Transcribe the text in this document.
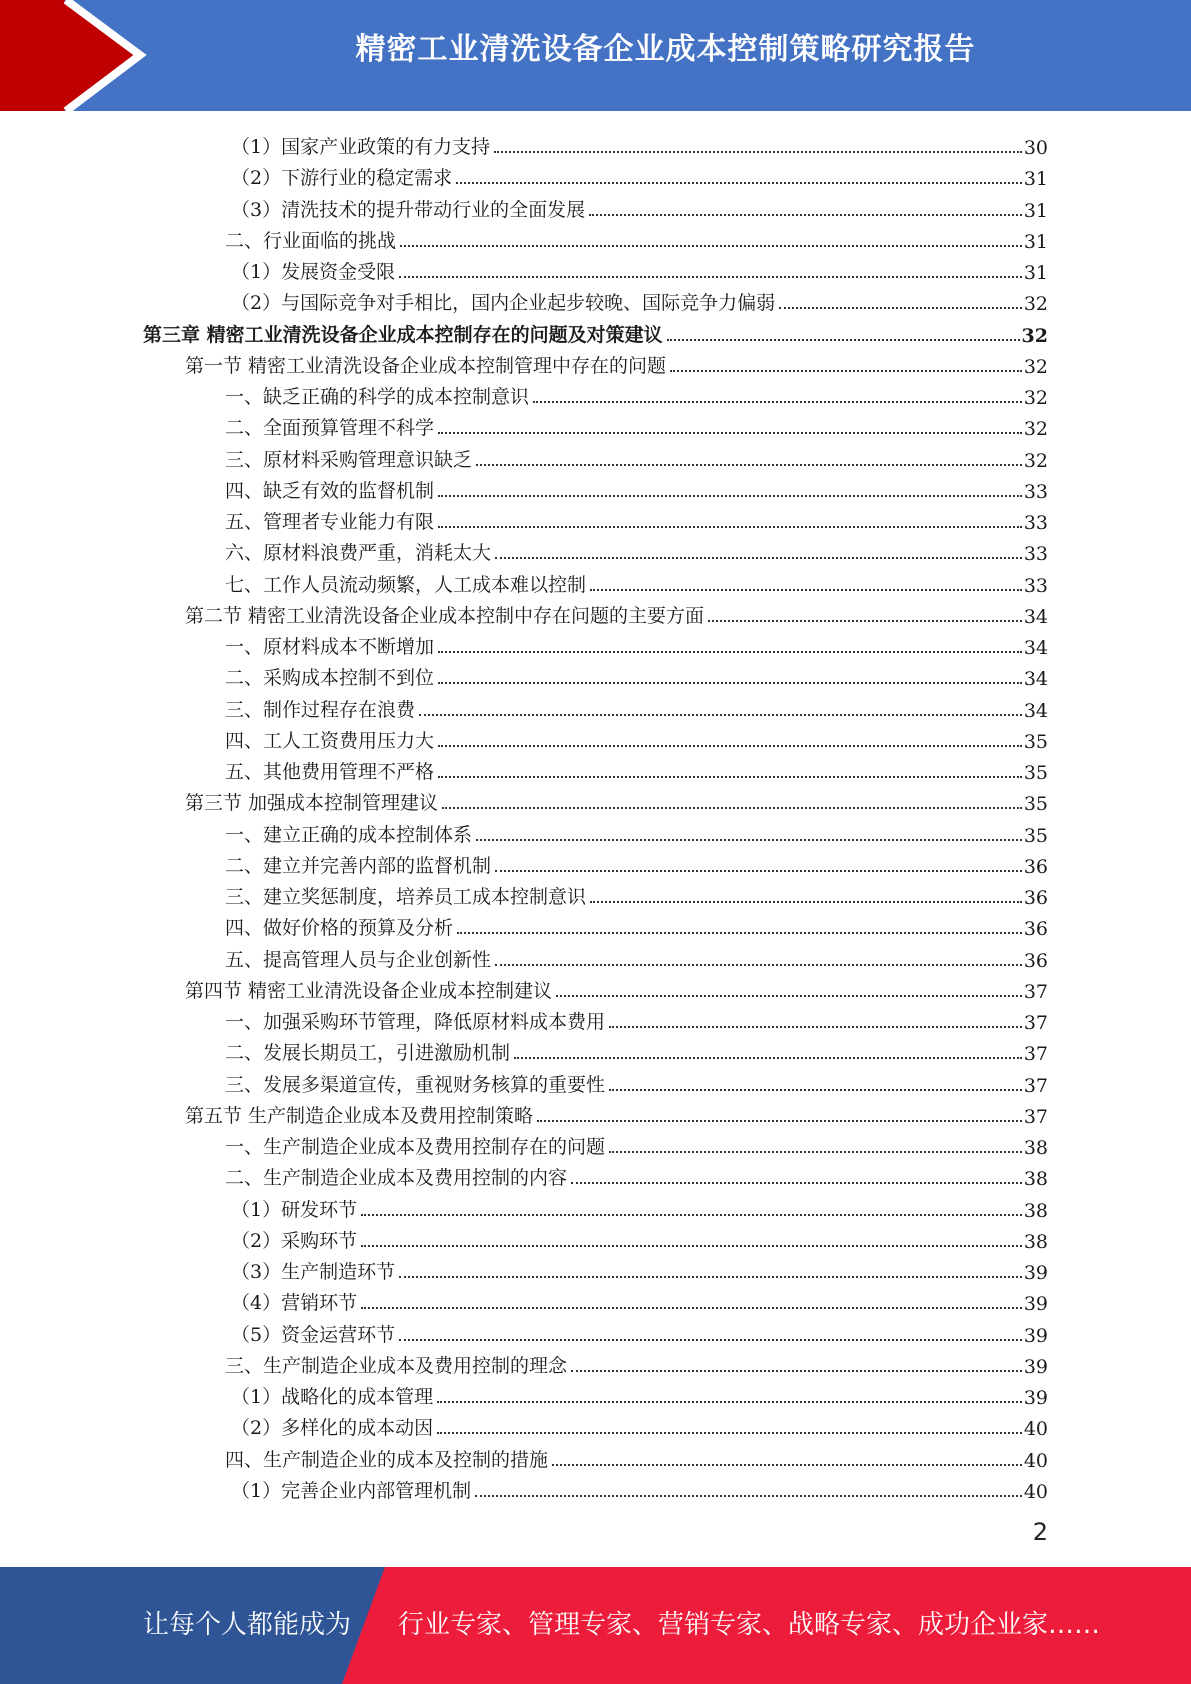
精密工业清洗设备企业成本控制策略研究报告
（1）国家产业政策的有力支持	30
（2）下游行业的稳定需求	31
（3）清洗技术的提升带动行业的全面发展	31
二、行业面临的挑战	31
（1）发展资金受限	31
（2）与国际竞争对手相比，国内企业起步较晚、国际竞争力偏弱	32
第三章 精密工业清洗设备企业成本控制存在的问题及对策建议	32
第一节 精密工业清洗设备企业成本控制管理中存在的问题	32
一、缺乏正确的科学的成本控制意识	32
二、全面预算管理不科学	32
三、原材料采购管理意识缺乏	32
四、缺乏有效的监督机制	33
五、管理者专业能力有限	33
六、原材料浪费严重，消耗太大	33
七、工作人员流动频繁，人工成本难以控制	33
第二节 精密工业清洗设备企业成本控制中存在问题的主要方面	34
一、原材料成本不断增加	34
二、采购成本控制不到位	34
三、制作过程存在浪费	34
四、工人工资费用压力大	35
五、其他费用管理不严格	35
第三节 加强成本控制管理建议	35
一、建立正确的成本控制体系	35
二、建立并完善内部的监督机制	36
三、建立奖惩制度，培养员工成本控制意识	36
四、做好价格的预算及分析	36
五、提高管理人员与企业创新性	36
第四节 精密工业清洗设备企业成本控制建议	37
一、加强采购环节管理，降低原材料成本费用	37
二、发展长期员工，引进激励机制	37
三、发展多渠道宣传，重视财务核算的重要性	37
第五节 生产制造企业成本及费用控制策略	37
一、生产制造企业成本及费用控制存在的问题	38
二、生产制造企业成本及费用控制的内容	38
（1）研发环节	38
（2）采购环节	38
（3）生产制造环节	39
（4）营销环节	39
（5）资金运营环节	39
三、生产制造企业成本及费用控制的理念	39
（1）战略化的成本管理	39
（2）多样化的成本动因	40
四、生产制造企业的成本及控制的措施	40
（1）完善企业内部管理机制	40
2
让每个人都能成为 行业专家、管理专家、营销专家、战略专家、成功企业家……
